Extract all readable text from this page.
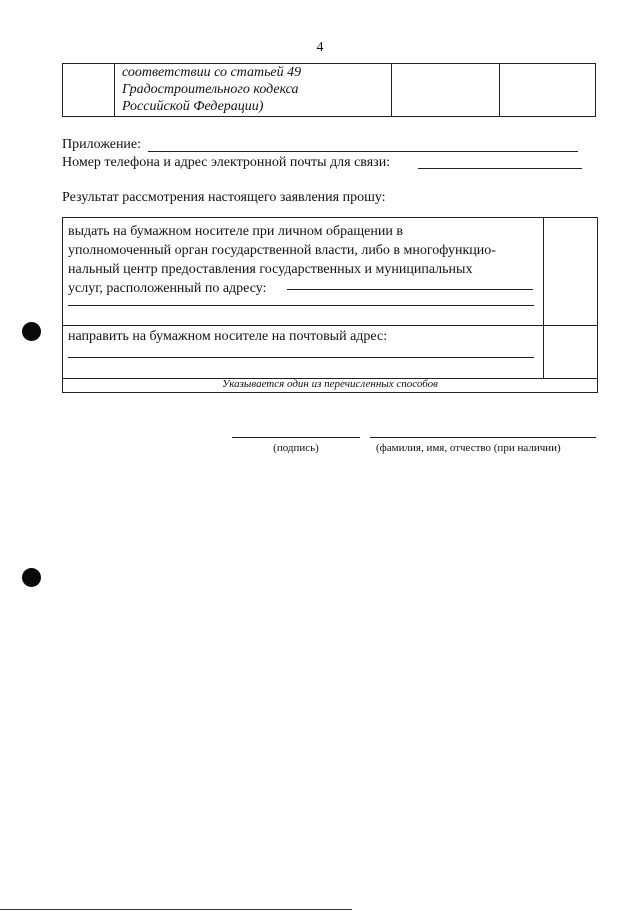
4
соответствии со статьей 49
Градостроительного кодекса
Российской Федерации)
Приложение:
Номер телефона и адрес электронной почты для связи:
Результат рассмотрения настоящего заявления прошу:
выдать на бумажном носителе при личном обращении в
уполномоченный орган государственной власти, либо в многофункцио-
нальный центр предоставления государственных и муниципальных
услуг, расположенный по адресу:
направить на бумажном носителе на почтовый адрес:
Указывается один из перечисленных способов
(подпись)	(фамилия, имя, отчество (при наличии)
